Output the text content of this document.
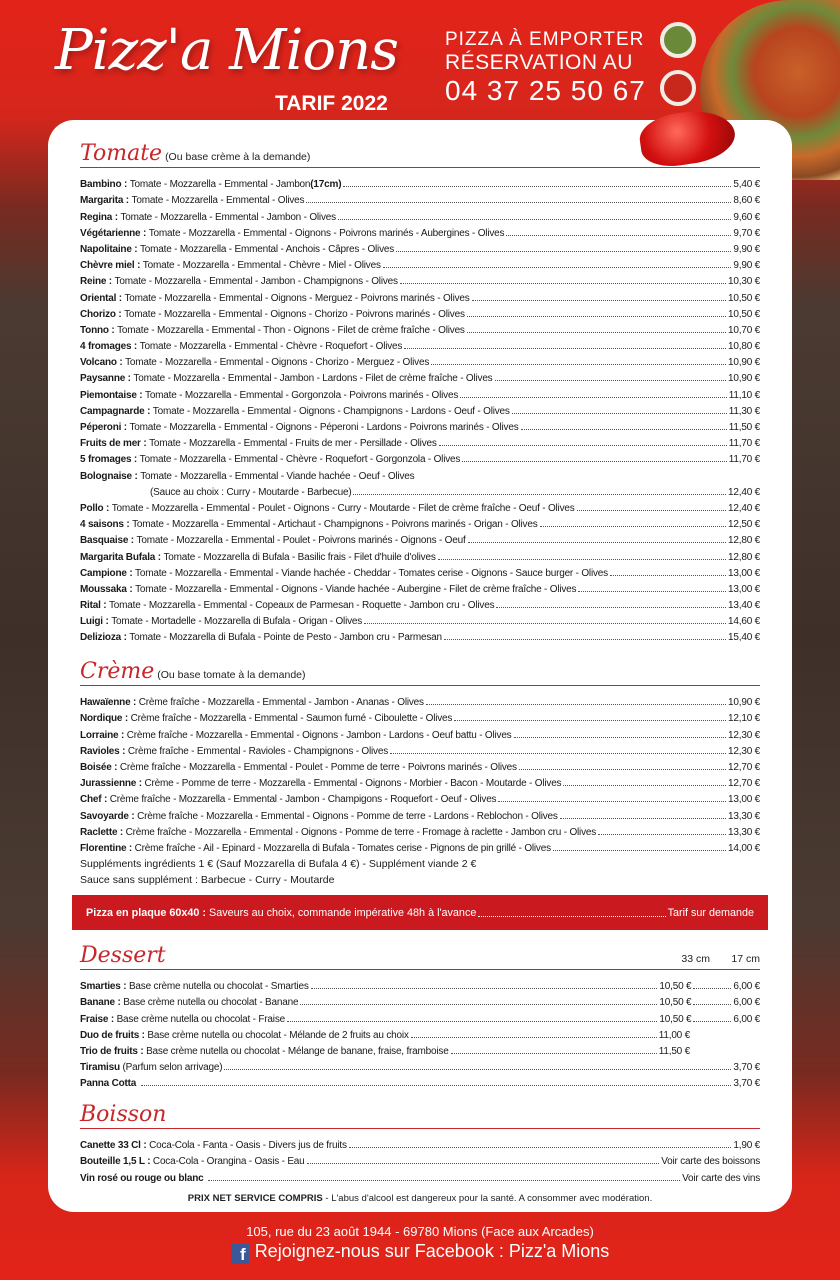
Pizz'a Mions
TARIF 2022
PIZZA À EMPORTER
RÉSERVATION AU
04 37 25 50 67
Tomate (Ou base crème à la demande)
Bambino :
Tomate - Mozzarella - Emmental - Jambon (17cm)	5,40 €
Margarita :
Tomate - Mozzarella - Emmental - Olives	8,60 €
Regina :
Tomate - Mozzarella - Emmental - Jambon - Olives	9,60 €
Végétarienne :
Tomate - Mozzarella - Emmental - Oignons - Poivrons marinés - Aubergines - Olives	9,70 €
Napolitaine :
Tomate - Mozzarella - Emmental - Anchois - Câpres - Olives	9,90 €
Chèvre miel :
Tomate - Mozzarella - Emmental - Chèvre - Miel - Olives	9,90 €
Reine :
Tomate - Mozzarella - Emmental - Jambon - Champignons - Olives	10,30 €
Oriental :
Tomate - Mozzarella - Emmental - Oignons - Merguez - Poivrons marinés - Olives	10,50 €
Chorizo :
Tomate - Mozzarella - Emmental - Oignons - Chorizo - Poivrons marinés - Olives	10,50 €
Tonno :
Tomate - Mozzarella - Emmental - Thon - Oignons - Filet de crème fraîche - Olives	10,70 €
4 fromages :
Tomate - Mozzarella - Emmental - Chèvre - Roquefort - Olives	10,80 €
Volcano :
Tomate - Mozzarella - Emmental - Oignons - Chorizo - Merguez - Olives	10,90 €
Paysanne :
Tomate - Mozzarella - Emmental - Jambon - Lardons - Filet de crème fraîche - Olives	10,90 €
Piemontaise :
Tomate - Mozzarella - Emmental - Gorgonzola - Poivrons marinés - Olives	11,10 €
Campagnarde :
Tomate - Mozzarella - Emmental - Oignons - Champignons - Lardons - Oeuf - Olives	11,30 €
Péperoni :
Tomate - Mozzarella - Emmental - Oignons - Péperoni - Lardons - Poivrons marinés - Olives	11,50 €
Fruits de mer :
Tomate - Mozzarella - Emmental - Fruits de mer - Persillade - Olives	11,70 €
5 fromages :
Tomate - Mozzarella - Emmental - Chèvre - Roquefort - Gorgonzola - Olives	11,70 €
Bolognaise :
Tomate - Mozzarella - Emmental - Viande hachée - Oeuf - Olives
(Sauce au choix : Curry - Moutarde - Barbecue)	12,40 €
Pollo :
Tomate - Mozzarella - Emmental - Poulet - Oignons - Curry - Moutarde - Filet de crème fraîche - Oeuf - Olives	12,40 €
4 saisons :
Tomate - Mozzarella - Emmental - Artichaut - Champignons - Poivrons marinés - Origan - Olives	12,50 €
Basquaise :
Tomate - Mozzarella - Emmental - Poulet - Poivrons marinés - Oignons - Oeuf	12,80 €
Margarita Bufala :
Tomate - Mozzarella di Bufala - Basilic frais - Filet d'huile d'olives	12,80 €
Campione :
Tomate - Mozzarella - Emmental - Viande hachée - Cheddar - Tomates cerise - Oignons - Sauce burger - Olives	13,00 €
Moussaka :
Tomate - Mozzarella - Emmental - Oignons - Viande hachée - Aubergine - Filet de crème fraîche - Olives	13,00 €
Rital :
Tomate - Mozzarella - Emmental - Copeaux de Parmesan - Roquette - Jambon cru - Olives	13,40 €
Luigi :
Tomate - Mortadelle - Mozzarella di Bufala - Origan - Olives	14,60 €
Delizioza :
Tomate - Mozzarella di Bufala - Pointe de Pesto - Jambon cru - Parmesan	15,40 €
Crème (Ou base tomate à la demande)
Hawaïenne :
Crème fraîche - Mozzarella - Emmental - Jambon - Ananas - Olives	10,90 €
Nordique :
Crème fraîche - Mozzarella - Emmental - Saumon fumé - Ciboulette - Olives	12,10 €
Lorraine :
Crème fraîche - Mozzarella - Emmental - Oignons - Jambon - Lardons - Oeuf battu - Olives	12,30 €
Ravioles :
Crème fraîche - Emmental - Ravioles - Champignons - Olives	12,30 €
Boisée :
Crème fraîche - Mozzarella - Emmental - Poulet - Pomme de terre - Poivrons marinés - Olives	12,70 €
Jurassienne :
Crème - Pomme de terre - Mozzarella - Emmental - Oignons - Morbier - Bacon - Moutarde - Olives	12,70 €
Chef :
Crème fraîche - Mozzarella - Emmental - Jambon - Champigons - Roquefort - Oeuf - Olives	13,00 €
Savoyarde :
Crème fraîche - Mozzarella - Emmental - Oignons - Pomme de terre - Lardons - Reblochon - Olives	13,30 €
Raclette :
Crème fraîche - Mozzarella - Emmental - Oignons - Pomme de terre - Fromage à raclette - Jambon cru - Olives	13,30 €
Florentine :
Crème fraîche - Ail - Epinard - Mozzarella di Bufala - Tomates cerise - Pignons de pin grillé - Olives	14,00 €
Suppléments ingrédients 1 € (Sauf Mozzarella di Bufala 4 €) - Supplément viande 2 €
Sauce sans supplément : Barbecue - Curry - Moutarde
Pizza en plaque 60x40 :
Saveurs au choix, commande impérative 48h à l'avance	Tarif sur demande
Dessert	33 cm	17 cm
Smarties :
Base crème nutella ou chocolat - Smarties	10,50 €	6,00 €
Banane :
Base crème nutella ou chocolat - Banane	10,50 €	6,00 €
Fraise :
Base crème nutella ou chocolat - Fraise	10,50 €	6,00 €
Duo de fruits :
Base crème nutella ou chocolat - Mélande de 2 fruits au choix	11,00 €
Trio de fruits :
Base crème nutella ou chocolat - Mélange de banane, fraise, framboise	11,50 €
Tiramisu
(Parfum selon arrivage)	3,70 €
Panna Cotta
	3,70 €
Boisson
Canette 33 Cl :
Coca-Cola - Fanta - Oasis - Divers jus de fruits	1,90 €
Bouteille 1,5 L :
Coca-Cola - Orangina - Oasis - Eau	Voir carte des boissons
Vin rosé ou rouge ou blanc
	Voir carte des vins
PRIX NET SERVICE COMPRIS - L'abus d'alcool est dangereux pour la santé. A consommer avec modération.
105, rue du 23 août 1944 - 69780 Mions (Face aux Arcades)
f Rejoignez-nous sur Facebook : Pizz'a Mions
